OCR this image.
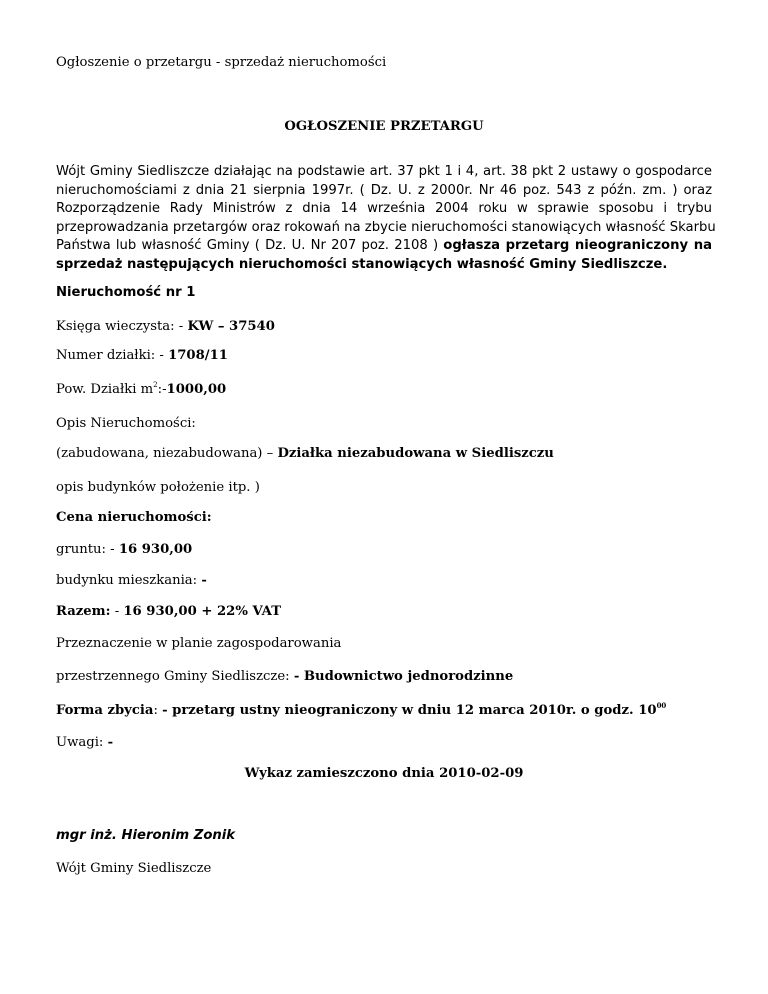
Ogłoszenie o przetargu - sprzedaż nieruchomości
OGŁOSZENIE PRZETARGU
Wójt Gminy Siedliszcze działając na podstawie art. 37 pkt 1 i 4, art. 38 pkt 2 ustawy o gospodarce
nieruchomościami z dnia 21 sierpnia 1997r. ( Dz. U. z 2000r. Nr 46 poz. 543 z późn. zm. ) oraz
Rozporządzenie Rady Ministrów z dnia 14 września 2004 roku w sprawie sposobu i trybu
przeprowadzania przetargów oraz rokowań na zbycie nieruchomości stanowiących własność Skarbu
Państwa lub własność Gminy ( Dz. U. Nr 207 poz. 2108 ) ogłasza przetarg nieograniczony na
sprzedaż następujących nieruchomości stanowiących własność Gminy Siedliszcze.
Nieruchomość nr 1
Księga wieczysta: - KW – 37540
Numer działki: - 1708/11
Pow. Działki $m^2:-1000,00$
Opis Nieruchomości:
(zabudowana, niezabudowana) – Działka niezabudowana w Siedliszczu
opis budynków położenie itp. )
Cena nieruchomości:
gruntu: - 16 930,00
budynku mieszkania: -
Razem: - 16 930,00 + 22% VAT
Przeznaczenie w planie zagospodarowania
przestrzennego Gminy Siedliszcze: - Budownictwo jednorodzinne
Forma zbycia: - przetarg ustny nieograniczony w dniu 12 marca 2010r. o godz. $10^{00}$
Uwagi: -
Wykaz zamieszczono dnia 2010-02-09
mgr inż. Hieronim Zonik
Wójt Gminy Siedliszcze
